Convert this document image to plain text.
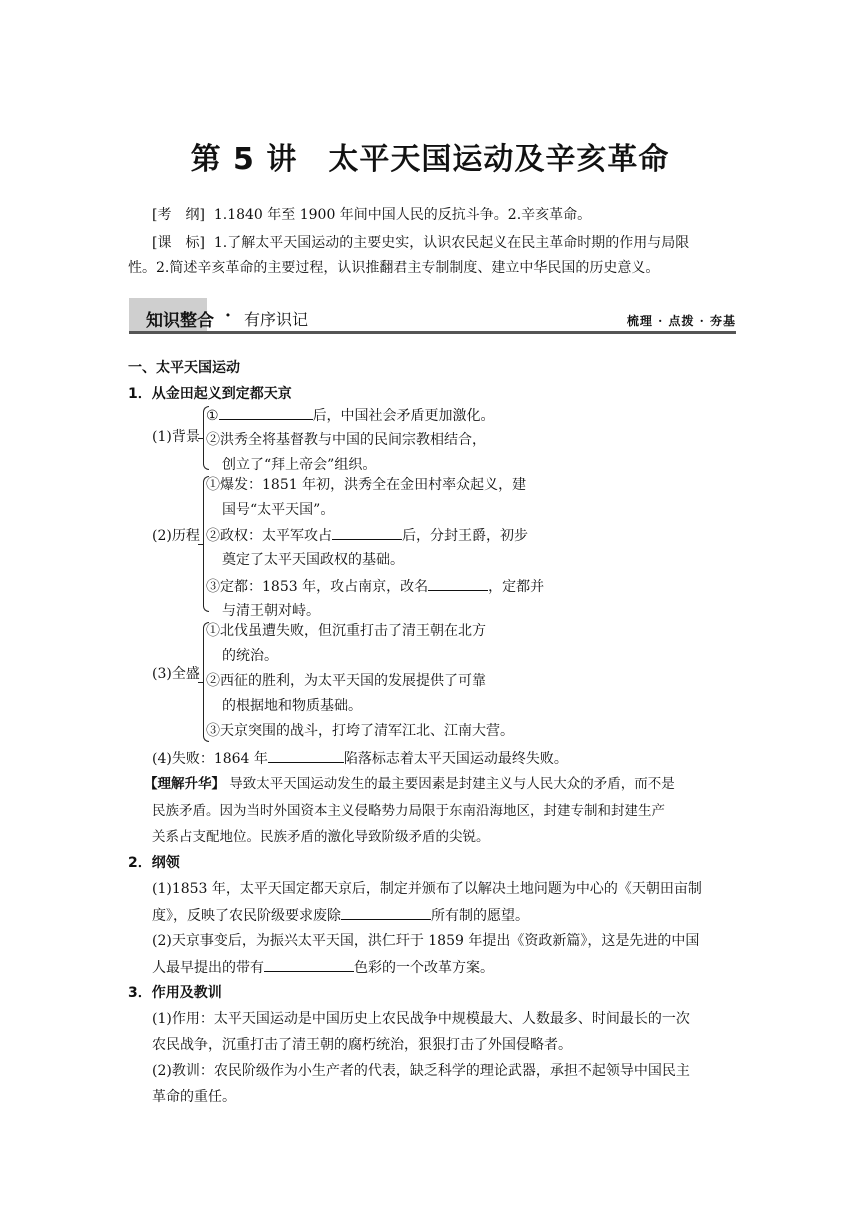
第 5 讲　太平天国运动及辛亥革命
[考　纲] 1.1840 年至 1900 年间中国人民的反抗斗争。2.辛亥革命。
[课　标] 1.了解太平天国运动的主要史实，认识农民起义在民主革命时期的作用与局限
性。2.简述辛亥革命的主要过程，认识推翻君主专制制度、建立中华民国的历史意义。
知识整合 · 有序识记	梳理 · 点拨 · 夯基
一、太平天国运动
1．从金田起义到定都天京
(1)背景
①	后，中国社会矛盾更加激化。
②洪秀全将基督教与中国的民间宗教相结合，
创立了“拜上帝会”组织。
(2)历程
①爆发：1851 年初，洪秀全在金田村率众起义，建
国号“太平天国”。
②政权：太平军攻占	后，分封王爵，初步
奠定了太平天国政权的基础。
③定都：1853 年，攻占南京，改名	，定都并
与清王朝对峙。
(3)全盛
①北伐虽遭失败，但沉重打击了清王朝在北方
的统治。
②西征的胜利，为太平天国的发展提供了可靠
的根据地和物质基础。
③天京突围的战斗，打垮了清军江北、江南大营。
(4)失败：1864 年	陷落标志着太平天国运动最终失败。
【理解升华】 导致太平天国运动发生的最主要因素是封建主义与人民大众的矛盾，而不是
民族矛盾。因为当时外国资本主义侵略势力局限于东南沿海地区，封建专制和封建生产
关系占支配地位。民族矛盾的激化导致阶级矛盾的尖锐。
2．纲领
(1)1853 年，太平天国定都天京后，制定并颁布了以解决土地问题为中心的《天朝田亩制
度》，反映了农民阶级要求废除	所有制的愿望。
(2)天京事变后，为振兴太平天国，洪仁玕于 1859 年提出《资政新篇》，这是先进的中国
人最早提出的带有	色彩的一个改革方案。
3．作用及教训
(1)作用：太平天国运动是中国历史上农民战争中规模最大、人数最多、时间最长的一次
农民战争，沉重打击了清王朝的腐朽统治，狠狠打击了外国侵略者。
(2)教训：农民阶级作为小生产者的代表，缺乏科学的理论武器，承担不起领导中国民主
革命的重任。
